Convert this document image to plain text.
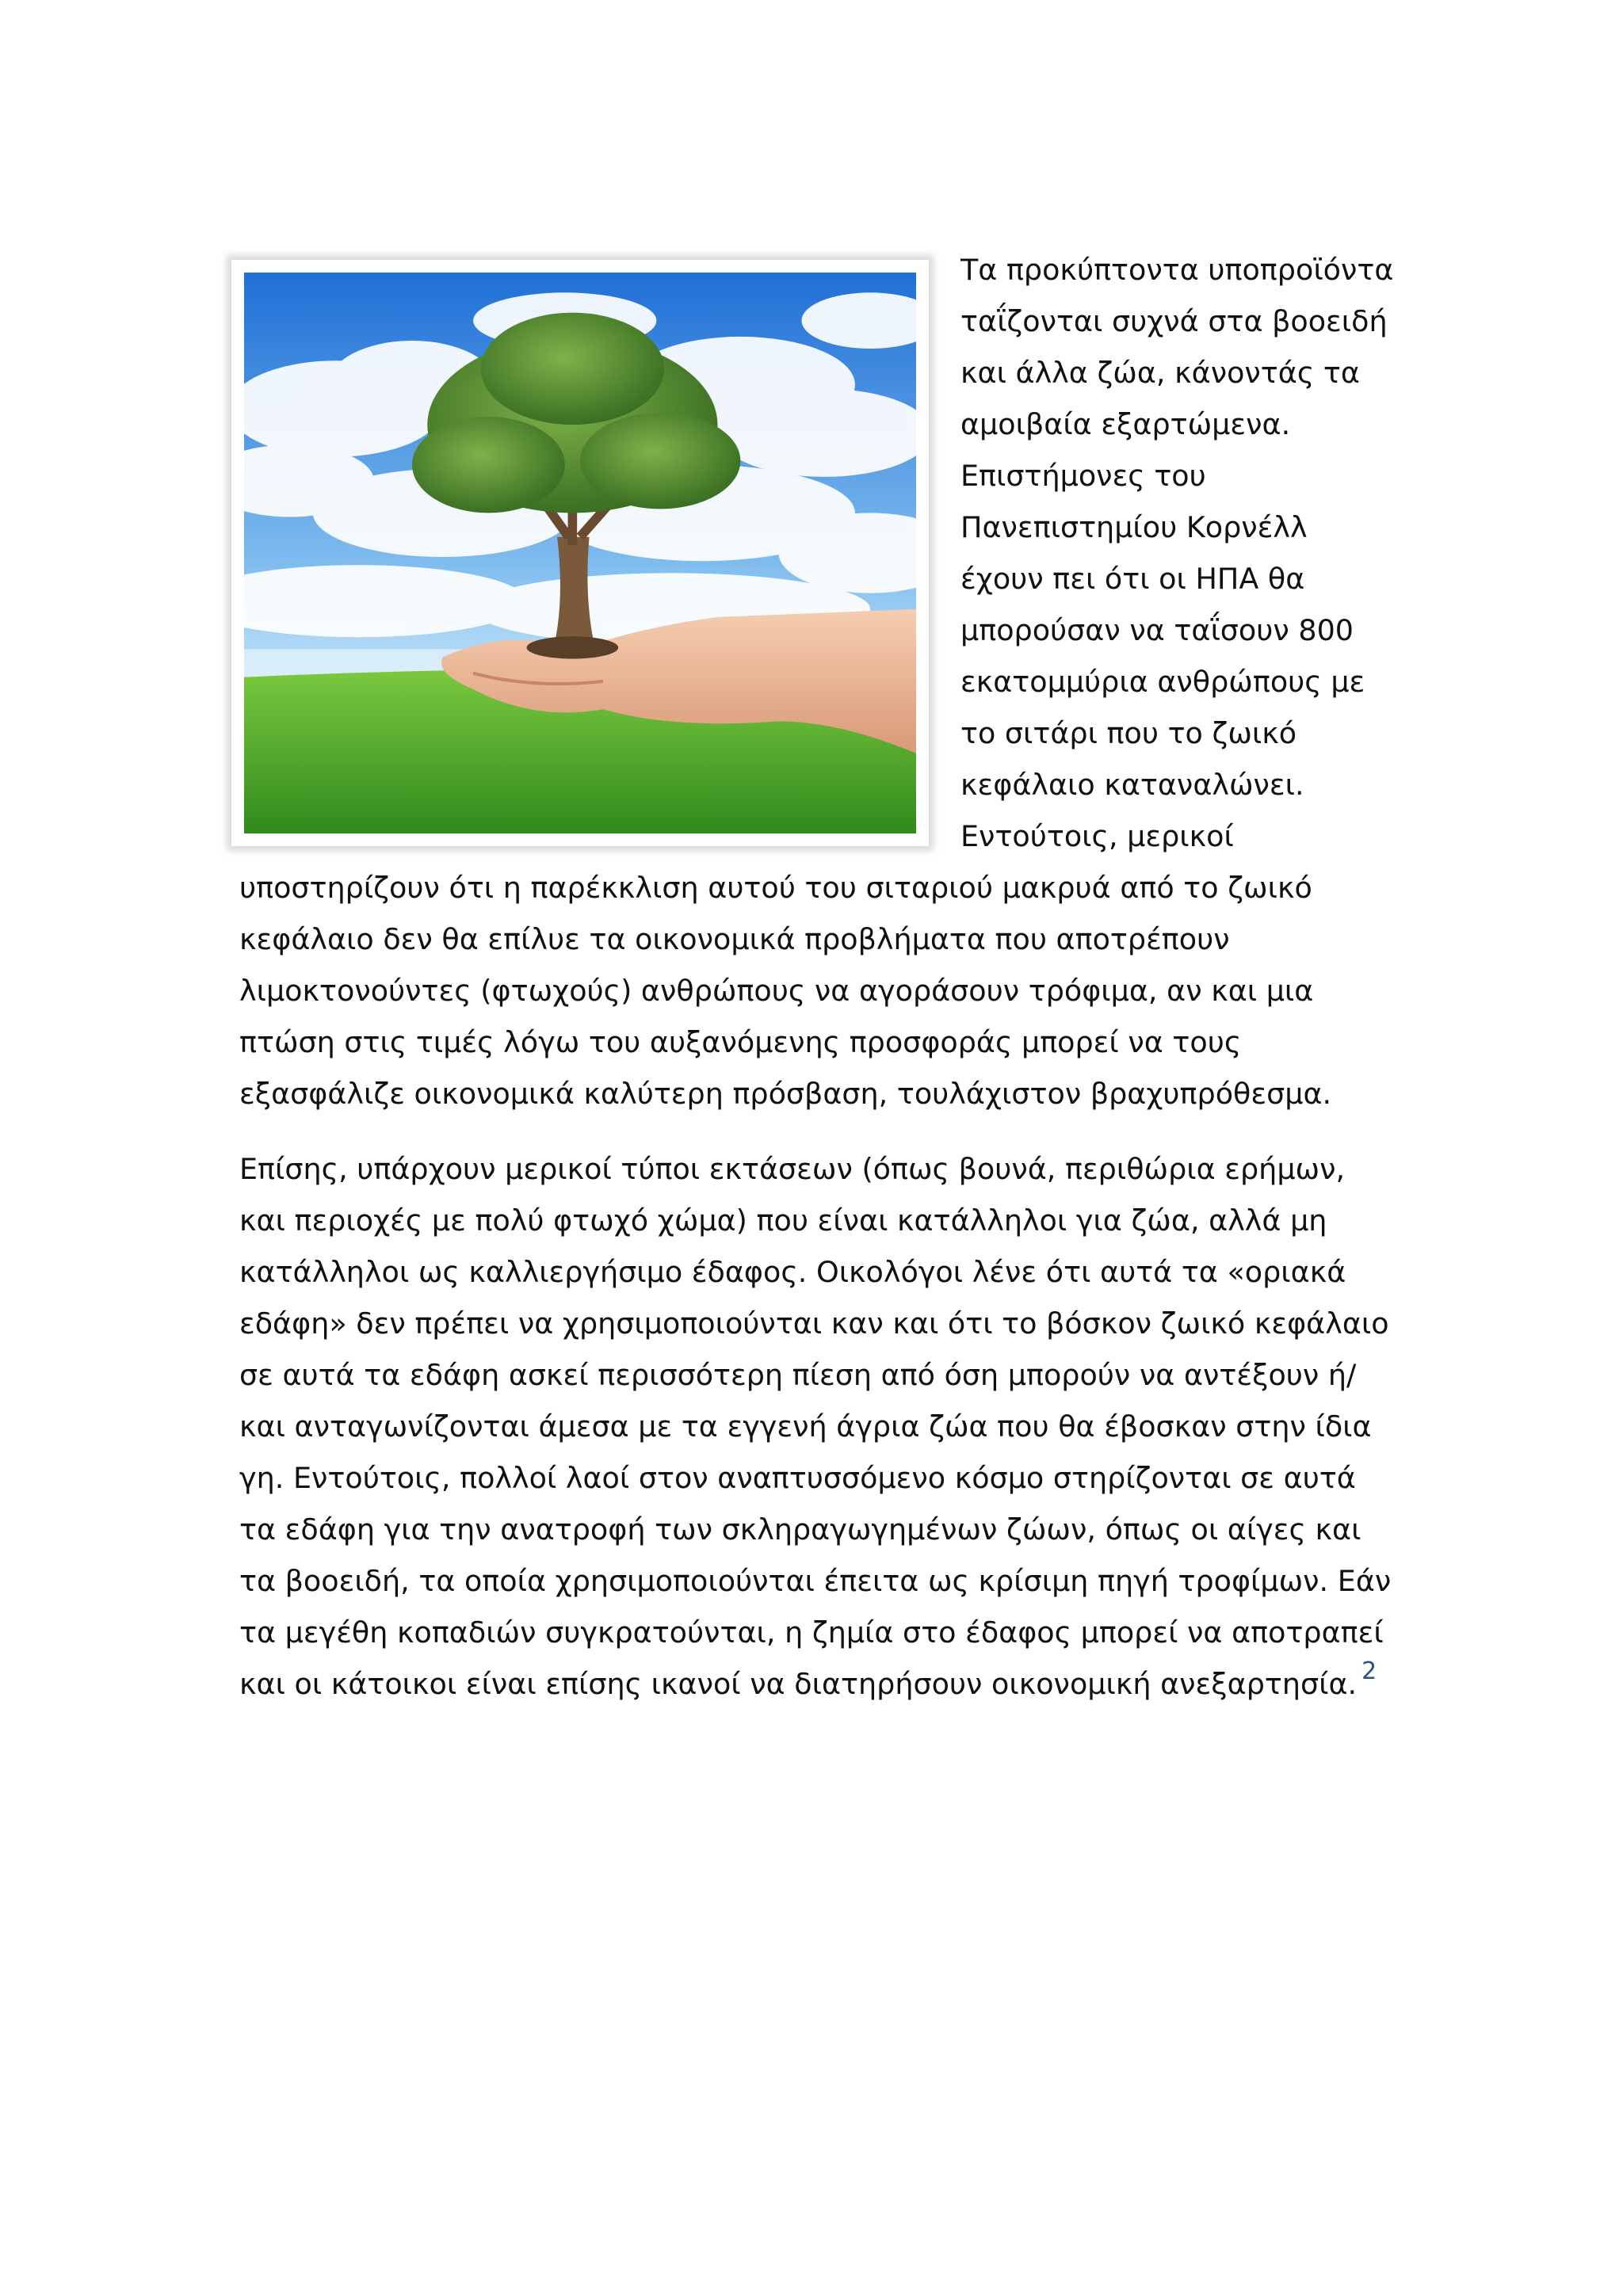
Τα προκύπτοντα υποπροϊόντα ταΐζονται συχνά στα βοοειδή και άλλα ζώα, κάνοντάς τα αμοιβαία εξαρτώμενα. Επιστήμονες του Πανεπιστημίου Κορνέλλ έχουν πει ότι οι ΗΠΑ θα μπορούσαν να ταΐσουν 800 εκατομμύρια ανθρώπους με το σιτάρι που το ζωικό κεφάλαιο καταναλώνει. Εντούτοις, μερικοί υποστηρίζουν ότι η παρέκκλιση αυτού του σιταριού μακρυά από το ζωικό κεφάλαιο δεν θα επίλυε τα οικονομικά προβλήματα που αποτρέπουν λιμοκτονούντες (φτωχούς) ανθρώπους να αγοράσουν τρόφιμα, αν και μια πτώση στις τιμές λόγω του αυξανόμενης προσφοράς μπορεί να τους εξασφάλιζε οικονομικά καλύτερη πρόσβαση, τουλάχιστον βραχυπρόθεσμα.

Επίσης, υπάρχουν μερικοί τύποι εκτάσεων (όπως βουνά, περιθώρια ερήμων, και περιοχές με πολύ φτωχό χώμα) που είναι κατάλληλοι για ζώα, αλλά μη κατάλληλοι ως καλλιεργήσιμο έδαφος. Οικολόγοι λένε ότι αυτά τα «οριακά εδάφη» δεν πρέπει να χρησιμοποιούνται καν και ότι το βόσκον ζωικό κεφάλαιο σε αυτά τα εδάφη ασκεί περισσότερη πίεση από όση μπορούν να αντέξουν ή/και ανταγωνίζονται άμεσα με τα εγγενή άγρια ζώα που θα έβοσκαν στην ίδια γη. Εντούτοις, πολλοί λαοί στον αναπτυσσόμενο κόσμο στηρίζονται σε αυτά τα εδάφη για την ανατροφή των σκληραγωγημένων ζώων, όπως οι αίγες και τα βοοειδή, τα οποία χρησιμοποιούνται έπειτα ως κρίσιμη πηγή τροφίμων. Εάν τα μεγέθη κοπαδιών συγκρατούνται, η ζημία στο έδαφος μπορεί να αποτραπεί και οι κάτοικοι είναι επίσης ικανοί να διατηρήσουν οικονομική ανεξαρτησία. $^2$
